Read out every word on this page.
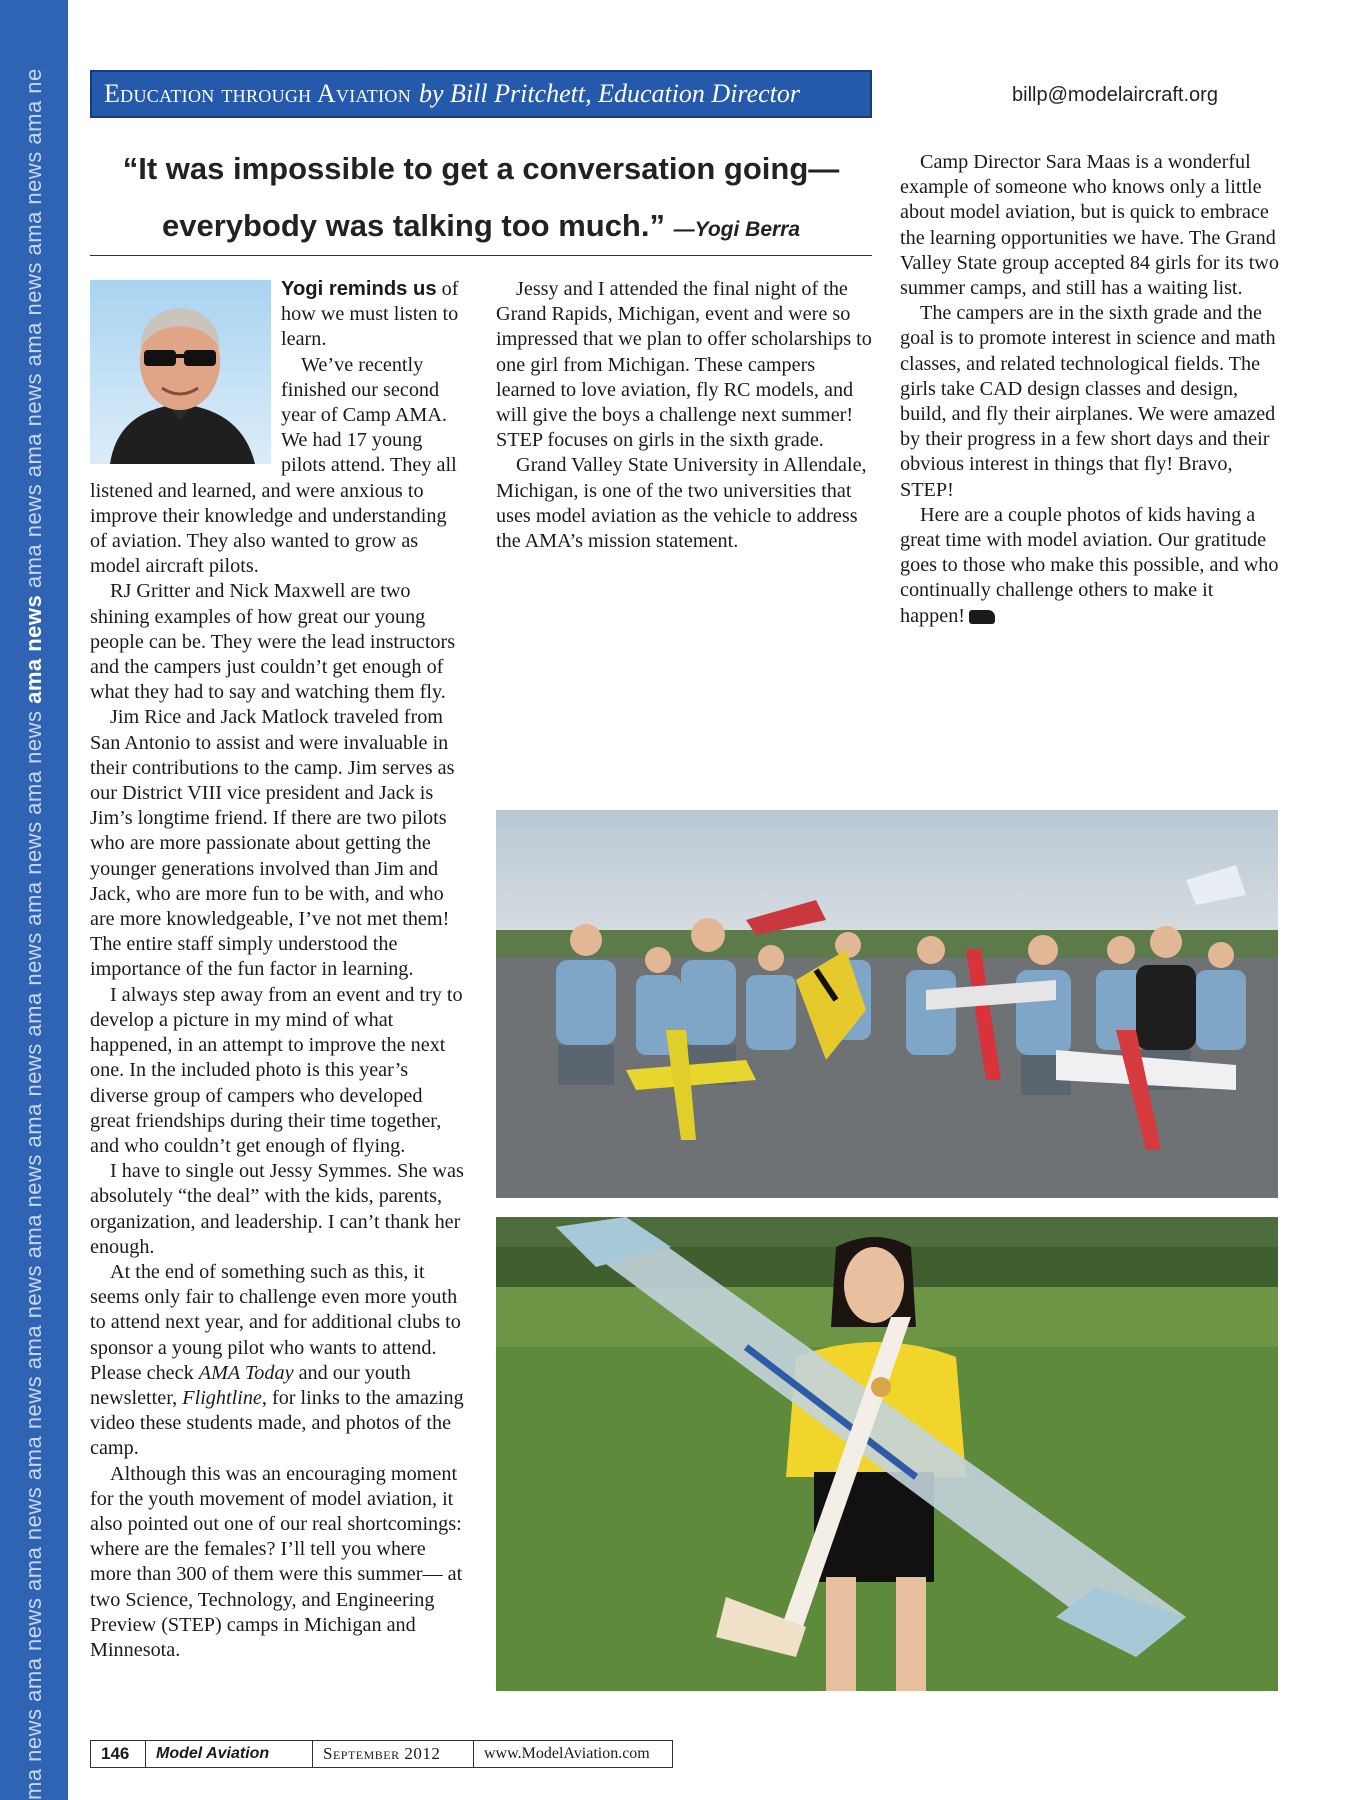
ma news ama news ama news ama news ama news ama news ama news ama news ama news ama news ama news ama news ama news ama news ama news ama ne	Education through Aviation by Bill Pritchett, Education Director	billp@modelaircraft.org
“It was impossible to get a conversation going—
everybody was talking too much.” —Yogi Berra

Yogi reminds us of how we must listen to learn.

We’ve recently finished our second year of Camp AMA. We had 17 young pilots attend. They all listened and learned, and were anxious to improve their knowledge and understanding of aviation. They also wanted to grow as model aircraft pilots.

RJ Gritter and Nick Maxwell are two shining examples of how great our young people can be. They were the lead instructors and the campers just couldn’t get enough of what they had to say and watching them fly.

Jim Rice and Jack Matlock traveled from San Antonio to assist and were invaluable in their contributions to the camp. Jim serves as our District VIII vice president and Jack is Jim’s longtime friend. If there are two pilots who are more passionate about getting the younger generations involved than Jim and Jack, who are more fun to be with, and who are more knowledgeable, I’ve not met them! The entire staff simply understood the importance of the fun factor in learning.

I always step away from an event and try to develop a picture in my mind of what happened, in an attempt to improve the next one. In the included photo is this year’s diverse group of campers who developed great friendships during their time together, and who couldn’t get enough of flying.

I have to single out Jessy Symmes. She was absolutely “the deal” with the kids, parents, organization, and leadership. I can’t thank her enough.

At the end of something such as this, it seems only fair to challenge even more youth to attend next year, and for additional clubs to sponsor a young pilot who wants to attend. Please check AMA Today and our youth newsletter, Flightline, for links to the amazing video these students made, and photos of the camp.

Although this was an encouraging moment for the youth movement of model aviation, it also pointed out one of our real shortcomings: where are the females? I’ll tell you where more than 300 of them were this summer— at two Science, Technology, and Engineering Preview (STEP) camps in Michigan and Minnesota.

Jessy and I attended the final night of the Grand Rapids, Michigan, event and were so impressed that we plan to offer scholarships to one girl from Michigan. These campers learned to love aviation, fly RC models, and will give the boys a challenge next summer! STEP focuses on girls in the sixth grade.

Grand Valley State University in Allendale, Michigan, is one of the two universities that uses model aviation as the vehicle to address the AMA’s mission statement.

Camp Director Sara Maas is a wonderful example of someone who knows only a little about model aviation, but is quick to embrace the learning opportunities we have. The Grand Valley State group accepted 84 girls for its two summer camps, and still has a waiting list.

The campers are in the sixth grade and the goal is to promote interest in science and math classes, and related technological fields. The girls take CAD design classes and design, build, and fly their airplanes. We were amazed by their progress in a few short days and their obvious interest in things that fly! Bravo, STEP!

Here are a couple photos of kids having a great time with model aviation. Our gratitude goes to those who make this possible, and who continually challenge others to make it happen!

146	Model Aviation	September 2012	www.ModelAviation.com
